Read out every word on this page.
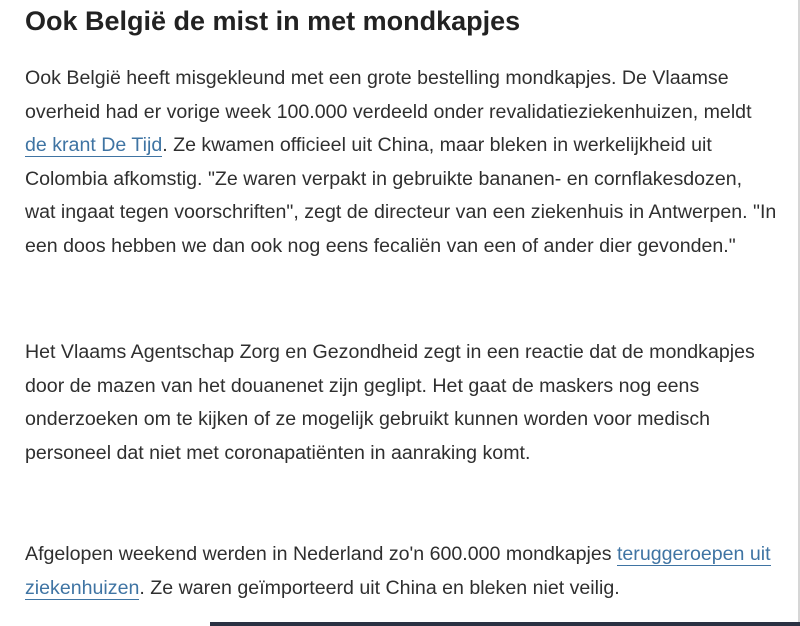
Ook België de mist in met mondkapjes

Ook België heeft misgekleund met een grote bestelling mondkapjes. De Vlaamse overheid had er vorige week 100.000 verdeeld onder revalidatieziekenhuizen, meldt de krant De Tijd. Ze kwamen officieel uit China, maar bleken in werkelijkheid uit Colombia afkomstig. "Ze waren verpakt in gebruikte bananen- en cornflakesdozen, wat ingaat tegen voorschriften", zegt de directeur van een ziekenhuis in Antwerpen. "In een doos hebben we dan ook nog eens fecaliën van een of ander dier gevonden."

Het Vlaams Agentschap Zorg en Gezondheid zegt in een reactie dat de mondkapjes door de mazen van het douanenet zijn geglipt. Het gaat de maskers nog eens onderzoeken om te kijken of ze mogelijk gebruikt kunnen worden voor medisch personeel dat niet met coronapatiënten in aanraking komt.

Afgelopen weekend werden in Nederland zo'n 600.000 mondkapjes teruggeroepen uit ziekenhuizen. Ze waren geïmporteerd uit China en bleken niet veilig.
